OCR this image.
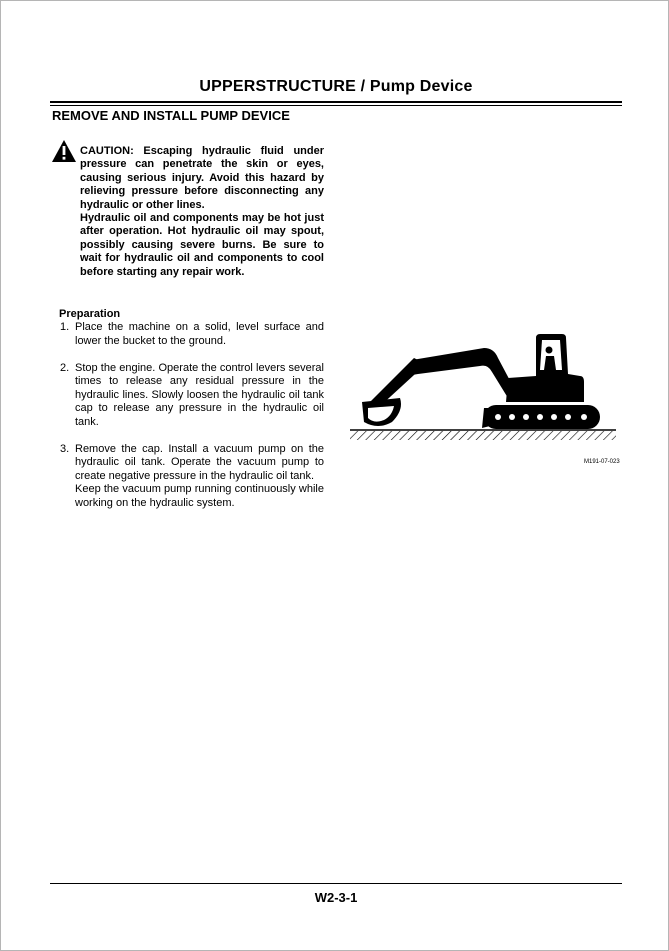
UPPERSTRUCTURE / Pump Device
REMOVE AND INSTALL PUMP DEVICE

CAUTION: Escaping hydraulic fluid under pressure can penetrate the skin or eyes, causing serious injury. Avoid this hazard by relieving pressure before disconnecting any hydraulic or other lines.

Hydraulic oil and components may be hot just after operation. Hot hydraulic oil may spout, possibly causing severe burns. Be sure to wait for hydraulic oil and components to cool before starting any repair work.

Preparation
1. Place the machine on a solid, level surface and lower the bucket to the ground.

2. Stop the engine. Operate the control levers several times to release any residual pressure in the hydraulic lines. Slowly loosen the hydraulic oil tank cap to release any pressure in the hydraulic oil tank.

3. Remove the cap. Install a vacuum pump on the hydraulic oil tank. Operate the vacuum pump to create negative pressure in the hydraulic oil tank.

Keep the vacuum pump running continuously while working on the hydraulic system.

M191-07-023
W2-3-1
